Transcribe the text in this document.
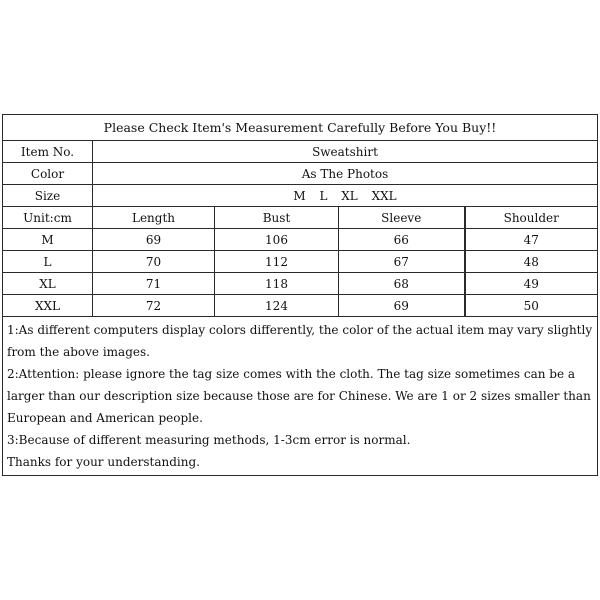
Please Check Item's Measurement Carefully Before You Buy!!				
Item No.	Sweatshirt			
Color	As The Photos			
Size	M L XL XXL			
Unit:cm	Length	Bust	Sleeve	Shoulder
M	69	106	66	47
L	70	112	67	48
XL	71	118	68	49
XXL	72	124	69	50

1:As different computers display colors differently, the color of the actual item may vary slightly from the above images.
2:Attention: please ignore the tag size comes with the cloth. The tag size sometimes can be a larger than our description size because those are for Chinese. We are 1 or 2 sizes smaller than European and American people.
3:Because of different measuring methods, 1-3cm error is normal.
Thanks for your understanding.				
